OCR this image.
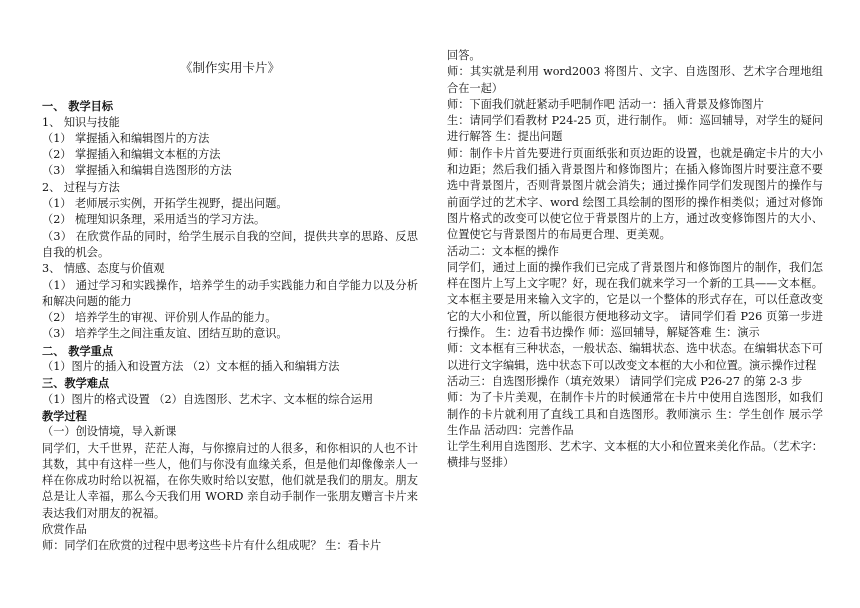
《制作实用卡片》

一、 教学目标

1、 知识与技能

（1） 掌握插入和编辑图片的方法

（2） 掌握插入和编辑文本框的方法

（3） 掌握插入和编辑自选图形的方法

2、 过程与方法

（1） 老师展示实例，开拓学生视野，提出问题。

（2） 梳理知识条理，采用适当的学习方法。

（3） 在欣赏作品的同时，给学生展示自我的空间，提供共享的思路、反思自我的机会。

3、 情感、态度与价值观

（1） 通过学习和实践操作，培养学生的动手实践能力和自学能力以及分析和解决问题的能力

（2） 培养学生的审视、评价别人作品的能力。

（3） 培养学生之间注重友谊、团结互助的意识。

二、 教学重点

（1）图片的插入和设置方法 （2）文本框的插入和编辑方法

三、教学难点

（1）图片的格式设置 （2）自选图形、艺术字、文本框的综合运用

教学过程

（一）创设情境，导入新课

同学们，大千世界，茫茫人海，与你擦肩过的人很多，和你相识的人也不计其数，其中有这样一些人，他们与你没有血缘关系，但是他们却像像亲人一样在你成功时给以祝福，在你失败时给以安慰，他们就是我们的朋友。朋友总是让人幸福，那么今天我们用 WORD 亲自动手制作一张朋友赠言卡片来表达我们对朋友的祝福。

欣赏作品

师：同学们在欣赏的过程中思考这些卡片有什么组成呢？ 生：看卡片

回答。

师：其实就是利用 word2003 将图片、文字、自选图形、艺术字合理地组合在一起）

师：下面我们就赶紧动手吧制作吧 活动一：插入背景及修饰图片

生：请同学们看教材 P24-25 页，进行制作。 师：巡回辅导，对学生的疑问进行解答 生：提出问题

师：制作卡片首先要进行页面纸张和页边距的设置，也就是确定卡片的大小和边距；然后我们插入背景图片和修饰图片；在插入修饰图片时要注意不要选中背景图片，否则背景图片就会消失；通过操作同学们发现图片的操作与前面学过的艺术字、word 绘图工具绘制的图形的操作相类似；通过对修饰图片格式的改变可以使它位于背景图片的上方，通过改变修饰图片的大小、位置使它与背景图片的布局更合理、更美观。

活动二：文本框的操作

同学们，通过上面的操作我们已完成了背景图片和修饰图片的制作，我们怎样在图片上写上文字呢？好，现在我们就来学习一个新的工具——文本框。文本框主要是用来输入文字的，它是以一个整体的形式存在，可以任意改变它的大小和位置，所以能很方便地移动文字。 请同学们看 P26 页第一步进行操作。 生：边看书边操作 师：巡回辅导，解疑答难 生：演示

师：文本框有三种状态，一般状态、编辑状态、选中状态。在编辑状态下可以进行文字编辑，选中状态下可以改变文本框的大小和位置。演示操作过程

活动三：自选图形操作（填充效果） 请同学们完成 P26-27 的第 2-3 步

师：为了卡片美观，在制作卡片的时候通常在卡片中使用自选图形，如我们制作的卡片就利用了直线工具和自选图形。教师演示 生：学生创作 展示学生作品 活动四：完善作品

让学生利用自选图形、艺术字、文本框的大小和位置来美化作品。（艺术字：横排与竖排）
